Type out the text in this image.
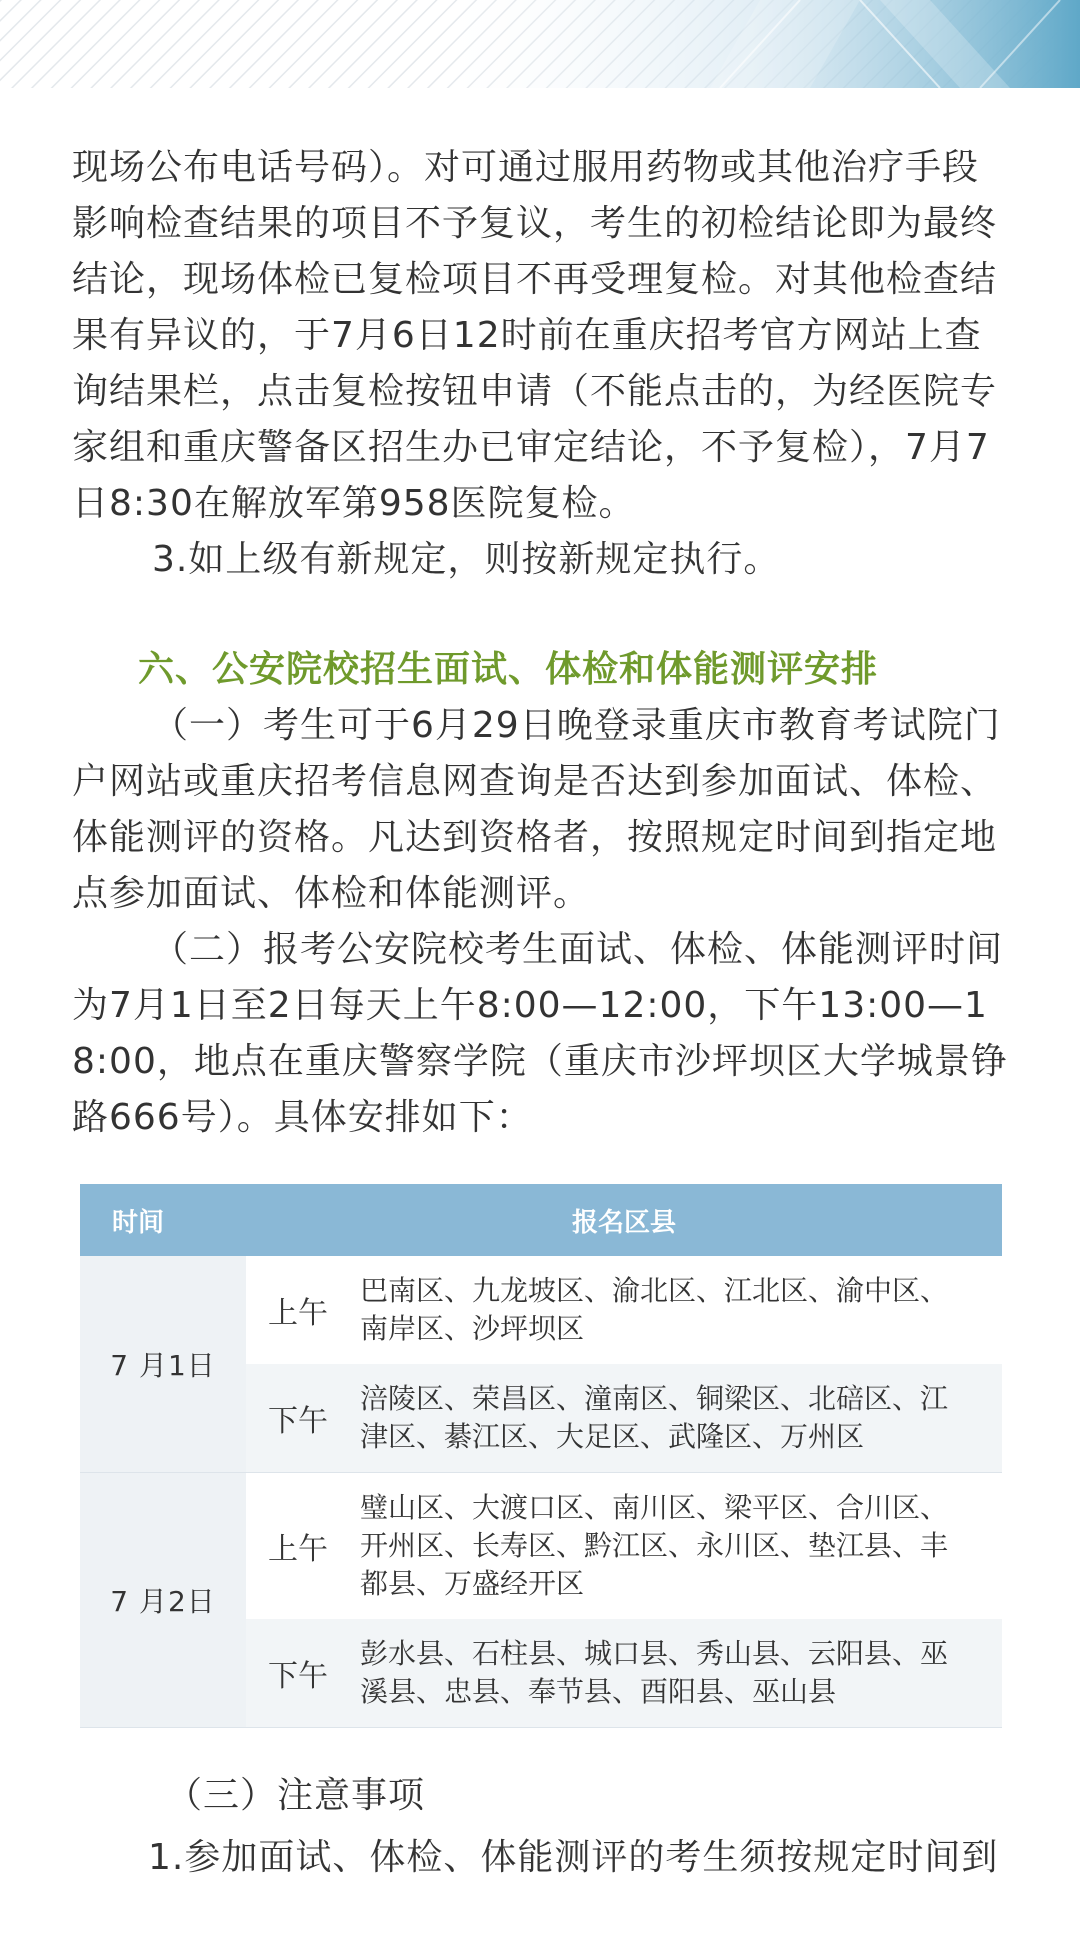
现场公布电话号码）。对可通过服用药物或其他治疗手段影响检查结果的项目不予复议，考生的初检结论即为最终结论，现场体检已复检项目不再受理复检。对其他检查结果有异议的，于7月6日12时前在重庆招考官方网站上查询结果栏，点击复检按钮申请（不能点击的，为经医院专家组和重庆警备区招生办已审定结论，不予复检），7月7日8:30在解放军第958医院复检。

3.如上级有新规定，则按新规定执行。

六、公安院校招生面试、体检和体能测评安排

（一）考生可于6月29日晚登录重庆市教育考试院门户网站或重庆招考信息网查询是否达到参加面试、体检、体能测评的资格。凡达到资格者，按照规定时间到指定地点参加面试、体检和体能测评。

（二）报考公安院校考生面试、体检、体能测评时间为7月1日至2日每天上午8:00—12:00，下午13:00—18:00，地点在重庆警察学院（重庆市沙坪坝区大学城景铮路666号）。具体安排如下：

时间	报名区县	
7 月1日	上午	巴南区、九龙坡区、渝北区、江北区、渝中区、南岸区、沙坪坝区
	下午	涪陵区、荣昌区、潼南区、铜梁区、北碚区、江津区、綦江区、大足区、武隆区、万州区
7 月2日	上午	璧山区、大渡口区、南川区、梁平区、合川区、开州区、长寿区、黔江区、永川区、垫江县、丰都县、万盛经开区
	下午	彭水县、石柱县、城口县、秀山县、云阳县、巫溪县、忠县、奉节县、酉阳县、巫山县

（三）注意事项

1.参加面试、体检、体能测评的考生须按规定时间到
